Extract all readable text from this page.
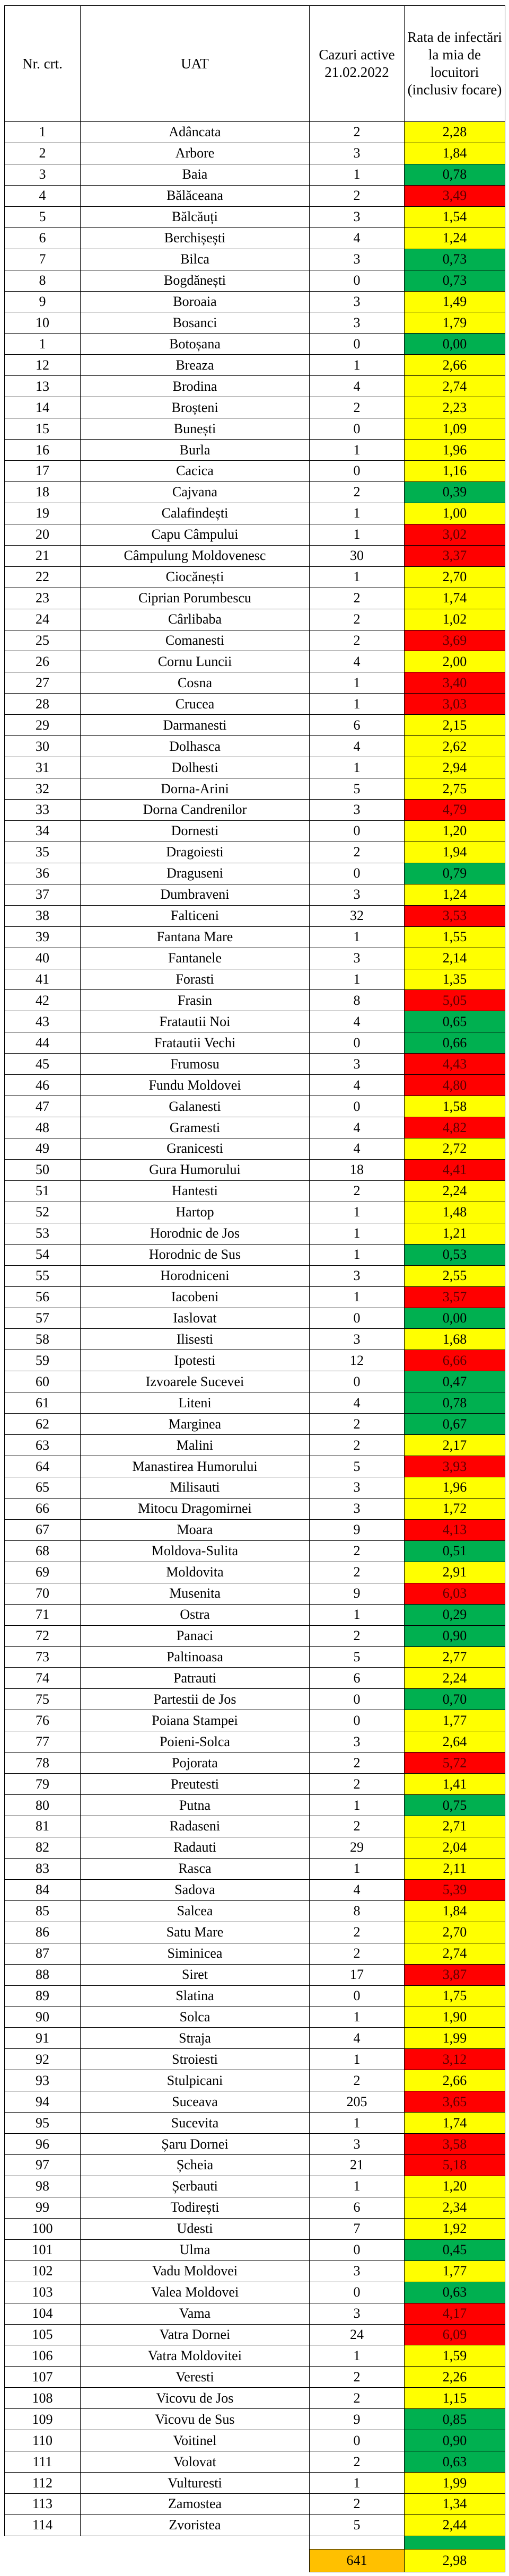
Nr. crt.	UAT	Cazuri active 21.02.2022	Rata de infectări la mia de locuitori (inclusiv focare)
1	Adâncata	2	2,28
2	Arbore	3	1,84
3	Baia	1	0,78
4	Bălăceana	2	3,49
5	Bălcăuți	3	1,54
6	Berchișești	4	1,24
7	Bilca	3	0,73
8	Bogdănești	0	0,73
9	Boroaia	3	1,49
10	Bosanci	3	1,79
1	Botoșana	0	0,00
12	Breaza	1	2,66
13	Brodina	4	2,74
14	Broșteni	2	2,23
15	Bunești	0	1,09
16	Burla	1	1,96
17	Cacica	0	1,16
18	Cajvana	2	0,39
19	Calafindești	1	1,00
20	Capu Câmpului	1	3,02
21	Câmpulung Moldovenesc	30	3,37
22	Ciocănești	1	2,70
23	Ciprian Porumbescu	2	1,74
24	Cârlibaba	2	1,02
25	Comanesti	2	3,69
26	Cornu Luncii	4	2,00
27	Cosna	1	3,40
28	Crucea	1	3,03
29	Darmanesti	6	2,15
30	Dolhasca	4	2,62
31	Dolhesti	1	2,94
32	Dorna-Arini	5	2,75
33	Dorna Candrenilor	3	4,79
34	Dornesti	0	1,20
35	Dragoiesti	2	1,94
36	Draguseni	0	0,79
37	Dumbraveni	3	1,24
38	Falticeni	32	3,53
39	Fantana Mare	1	1,55
40	Fantanele	3	2,14
41	Forasti	1	1,35
42	Frasin	8	5,05
43	Fratautii Noi	4	0,65
44	Fratautii Vechi	0	0,66
45	Frumosu	3	4,43
46	Fundu Moldovei	4	4,80
47	Galanesti	0	1,58
48	Gramesti	4	4,82
49	Granicesti	4	2,72
50	Gura Humorului	18	4,41
51	Hantesti	2	2,24
52	Hartop	1	1,48
53	Horodnic de Jos	1	1,21
54	Horodnic de Sus	1	0,53
55	Horodniceni	3	2,55
56	Iacobeni	1	3,57
57	Iaslovat	0	0,00
58	Ilisesti	3	1,68
59	Ipotesti	12	6,66
60	Izvoarele Sucevei	0	0,47
61	Liteni	4	0,78
62	Marginea	2	0,67
63	Malini	2	2,17
64	Manastirea Humorului	5	3,93
65	Milisauti	3	1,96
66	Mitocu Dragomirnei	3	1,72
67	Moara	9	4,13
68	Moldova-Sulita	2	0,51
69	Moldovita	2	2,91
70	Musenita	9	6,03
71	Ostra	1	0,29
72	Panaci	2	0,90
73	Paltinoasa	5	2,77
74	Patrauti	6	2,24
75	Partestii de Jos	0	0,70
76	Poiana Stampei	0	1,77
77	Poieni-Solca	3	2,64
78	Pojorata	2	5,72
79	Preutesti	2	1,41
80	Putna	1	0,75
81	Radaseni	2	2,71
82	Radauti	29	2,04
83	Rasca	1	2,11
84	Sadova	4	5,39
85	Salcea	8	1,84
86	Satu Mare	2	2,70
87	Siminicea	2	2,74
88	Siret	17	3,87
89	Slatina	0	1,75
90	Solca	1	1,90
91	Straja	4	1,99
92	Stroiesti	1	3,12
93	Stulpicani	2	2,66
94	Suceava	205	3,65
95	Sucevita	1	1,74
96	Șaru Dornei	3	3,58
97	Șcheia	21	5,18
98	Șerbauti	1	1,20
99	Todirești	6	2,34
100	Udesti	7	1,92
101	Ulma	0	0,45
102	Vadu Moldovei	3	1,77
103	Valea Moldovei	0	0,63
104	Vama	3	4,17
105	Vatra Dornei	24	6,09
106	Vatra Moldovitei	1	1,59
107	Veresti	2	2,26
108	Vicovu de Jos	2	1,15
109	Vicovu de Sus	9	0,85
110	Voitinel	0	0,90
111	Volovat	2	0,63
112	Vulturesti	1	1,99
113	Zamostea	2	1,34
114	Zvoristea	5	2,44

		641	2,98
